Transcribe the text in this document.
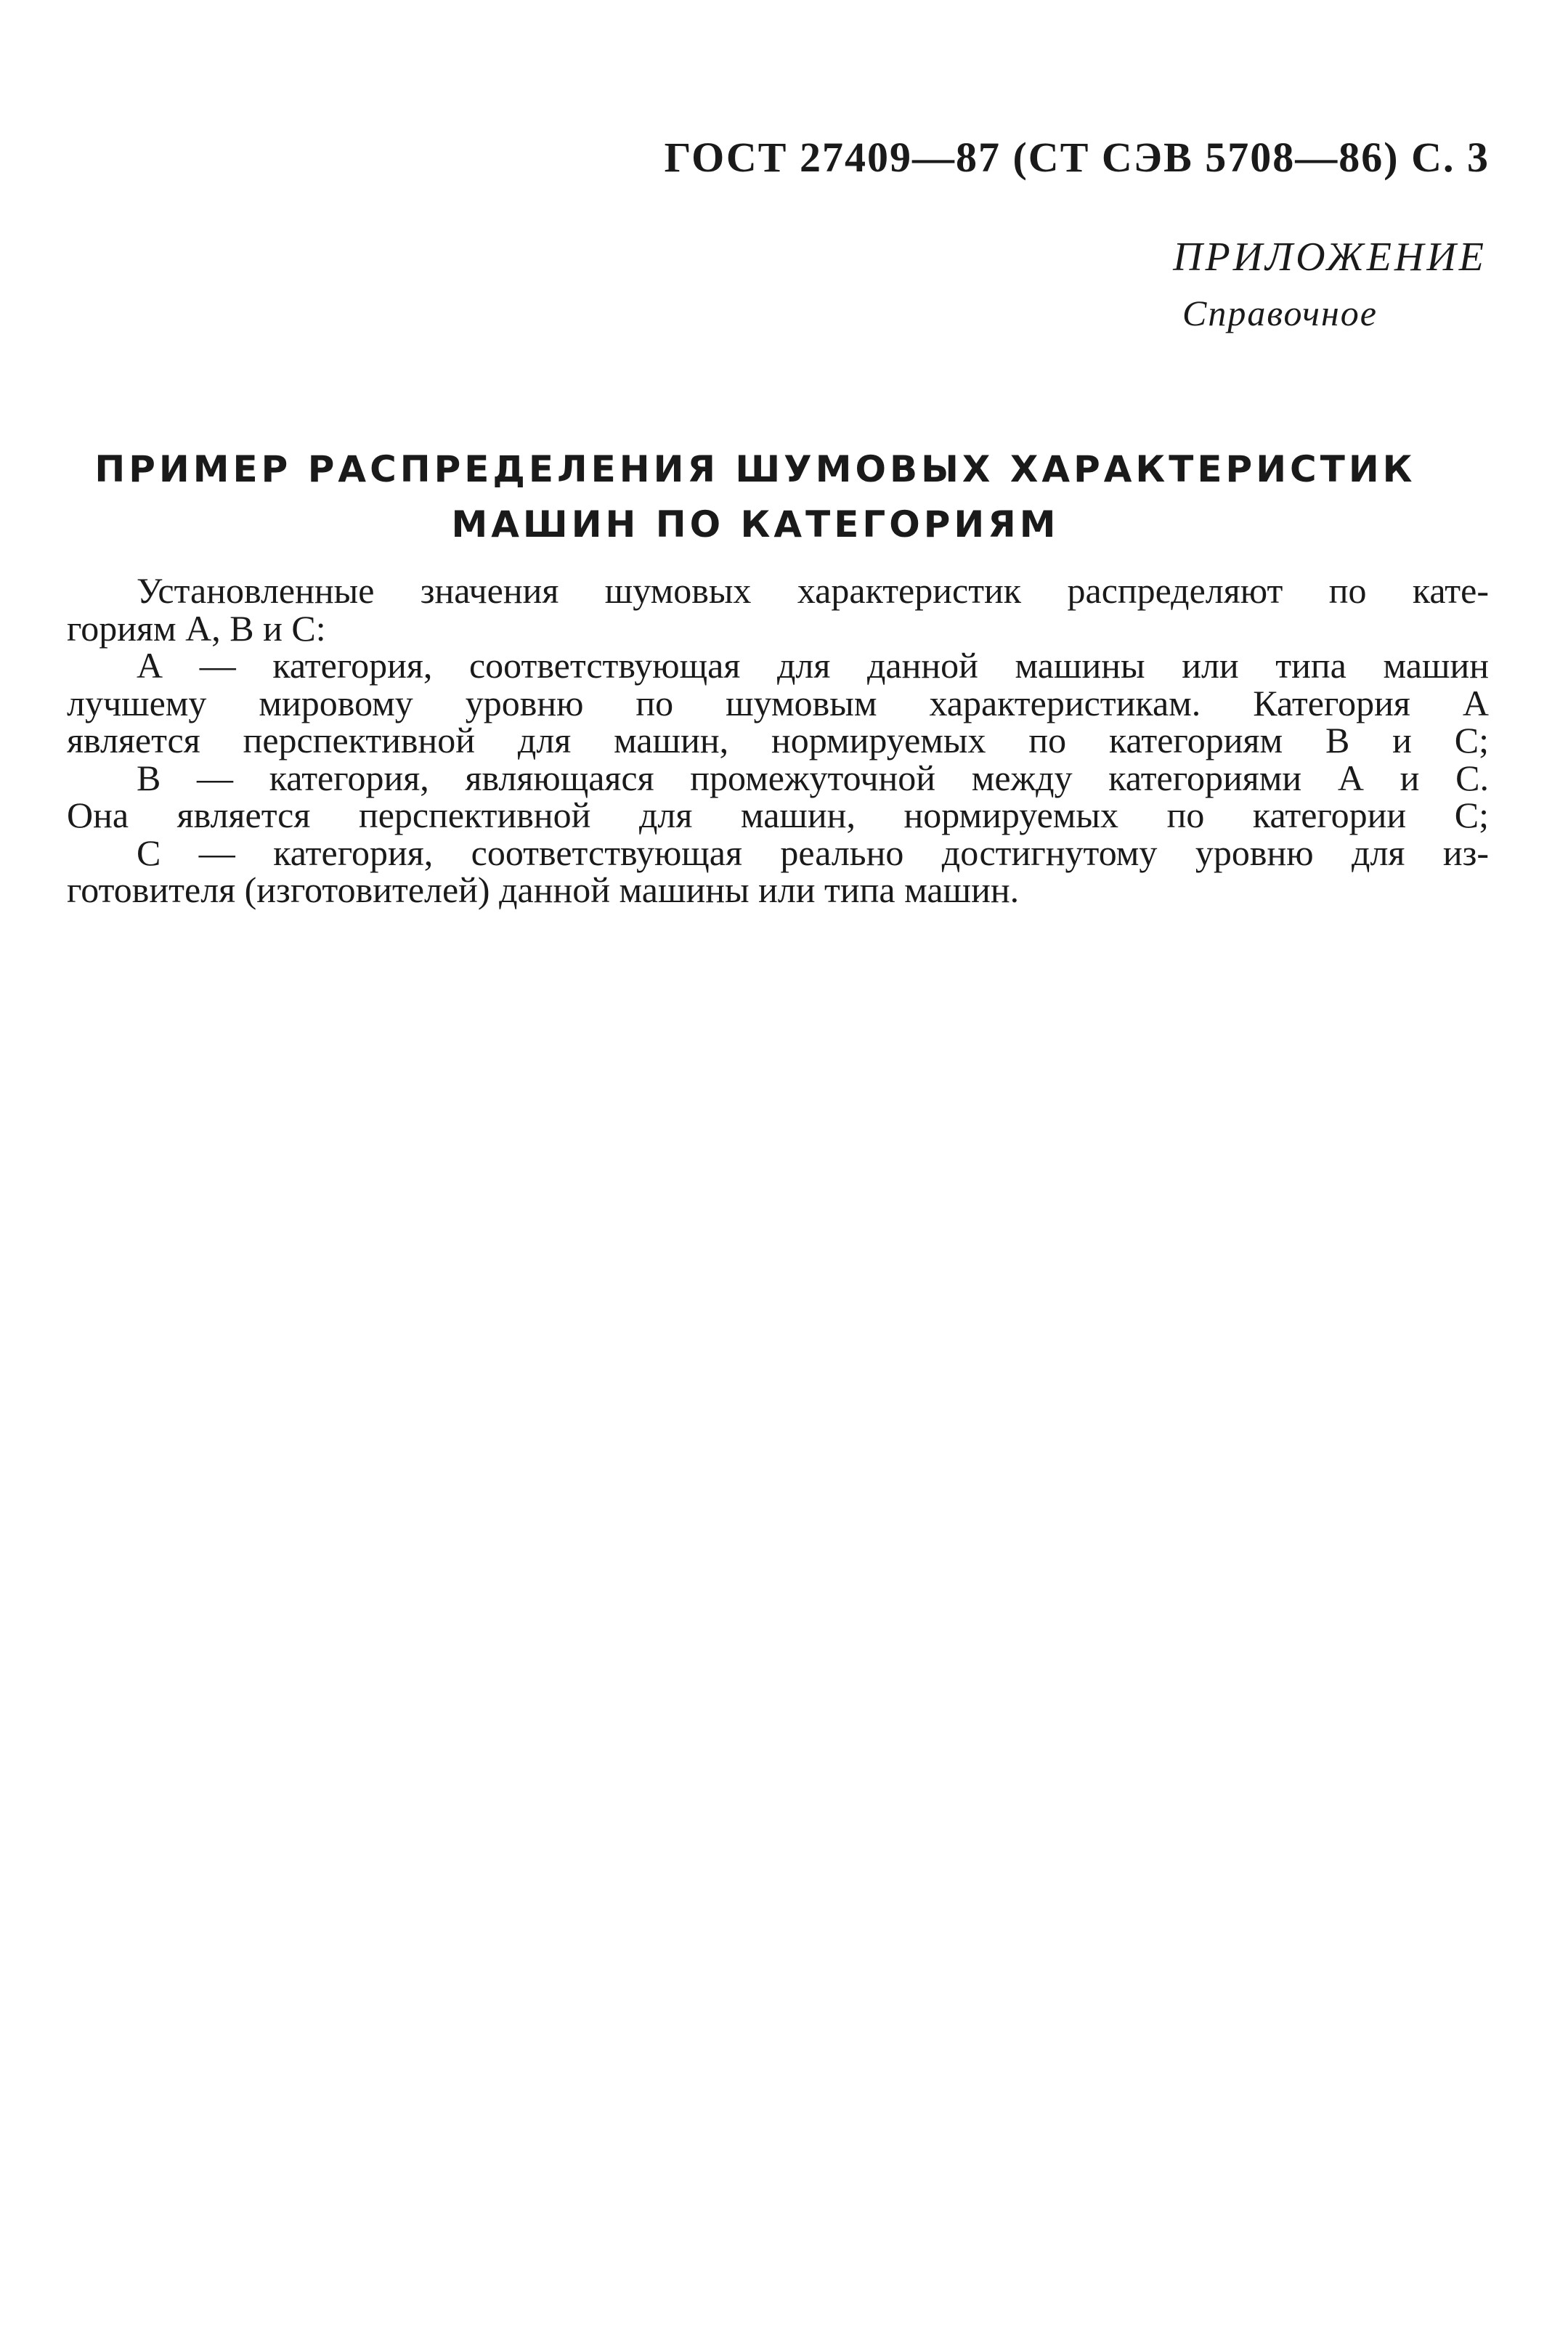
ГОСТ 27409—87 (СТ СЭВ 5708—86) С. 3
ПРИЛОЖЕНИЕ
Справочное
ПРИМЕР РАСПРЕДЕЛЕНИЯ ШУМОВЫХ ХАРАКТЕРИСТИК
МАШИН ПО КАТЕГОРИЯМ
Установленные значения шумовых характеристик распределяют по кате-
гориям А, В и С:
А — категория, соответствующая для данной машины или типа машин
лучшему мировому уровню по шумовым характеристикам. Категория А
является перспективной для машин, нормируемых по категориям В и С;
В — категория, являющаяся промежуточной между категориями А и С.
Она является перспективной для машин, нормируемых по категории С;
С — категория, соответствующая реально достигнутому уровню для из-
готовителя (изготовителей) данной машины или типа машин.
